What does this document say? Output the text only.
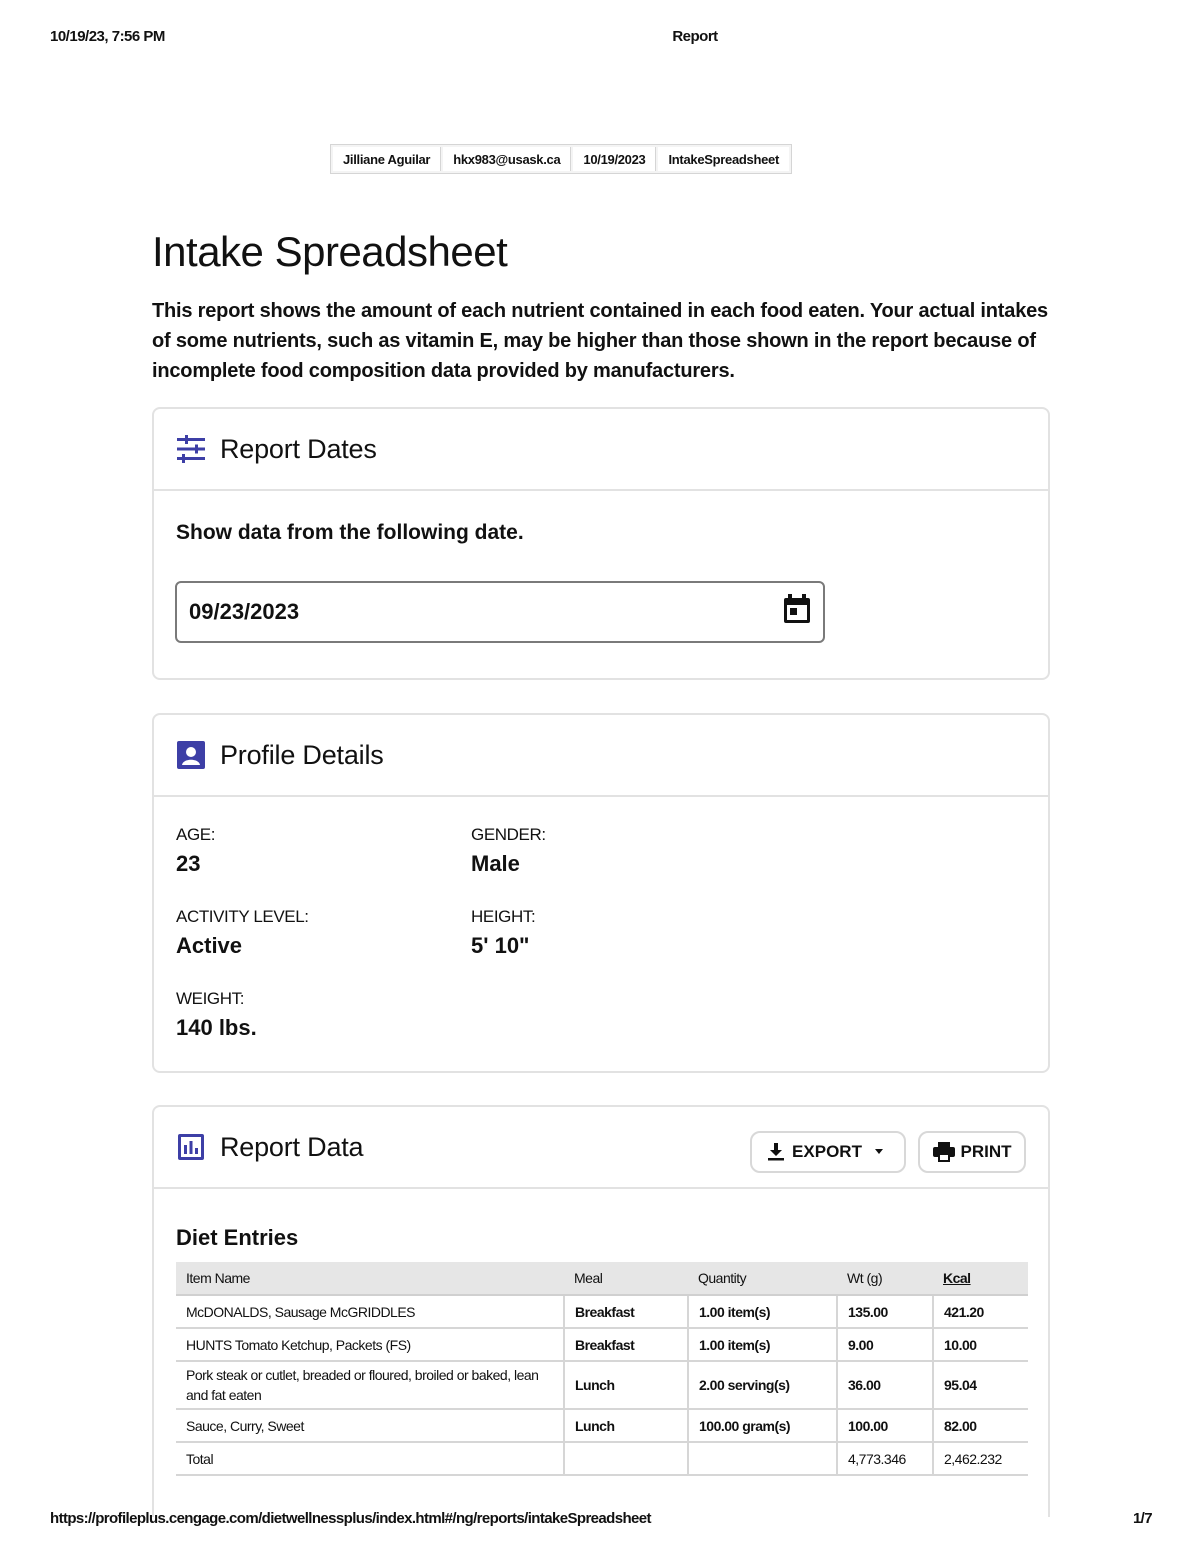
10/19/23, 7:56 PM	Report
Jilliane Aguilar	hkx983@usask.ca	10/19/2023	IntakeSpreadsheet
Intake Spreadsheet

This report shows the amount of each nutrient contained in each food eaten. Your actual intakes of some nutrients, such as vitamin E, may be higher than those shown in the report because of incomplete food composition data provided by manufacturers.

Report Dates
Show data from the following date.
09/23/2023
Profile Details
AGE:
23
GENDER:
Male
ACTIVITY LEVEL:
Active
HEIGHT:
5' 10"
WEIGHT:
140 lbs.
Report Data	EXPORT	PRINT
Diet Entries
Item Name	Meal	Quantity	Wt (g)	Kcal
McDONALDS, Sausage McGRIDDLES	Breakfast	1.00 item(s)	135.00	421.20
HUNTS Tomato Ketchup, Packets (FS)	Breakfast	1.00 item(s)	9.00	10.00
Pork steak or cutlet, breaded or floured, broiled or baked, lean and fat eaten	Lunch	2.00 serving(s)	36.00	95.04
Sauce, Curry, Sweet	Lunch	100.00 gram(s)	100.00	82.00
Total			4,773.346	2,462.232
https://profileplus.cengage.com/dietwellnessplus/index.html#/ng/reports/intakeSpreadsheet	1/7
